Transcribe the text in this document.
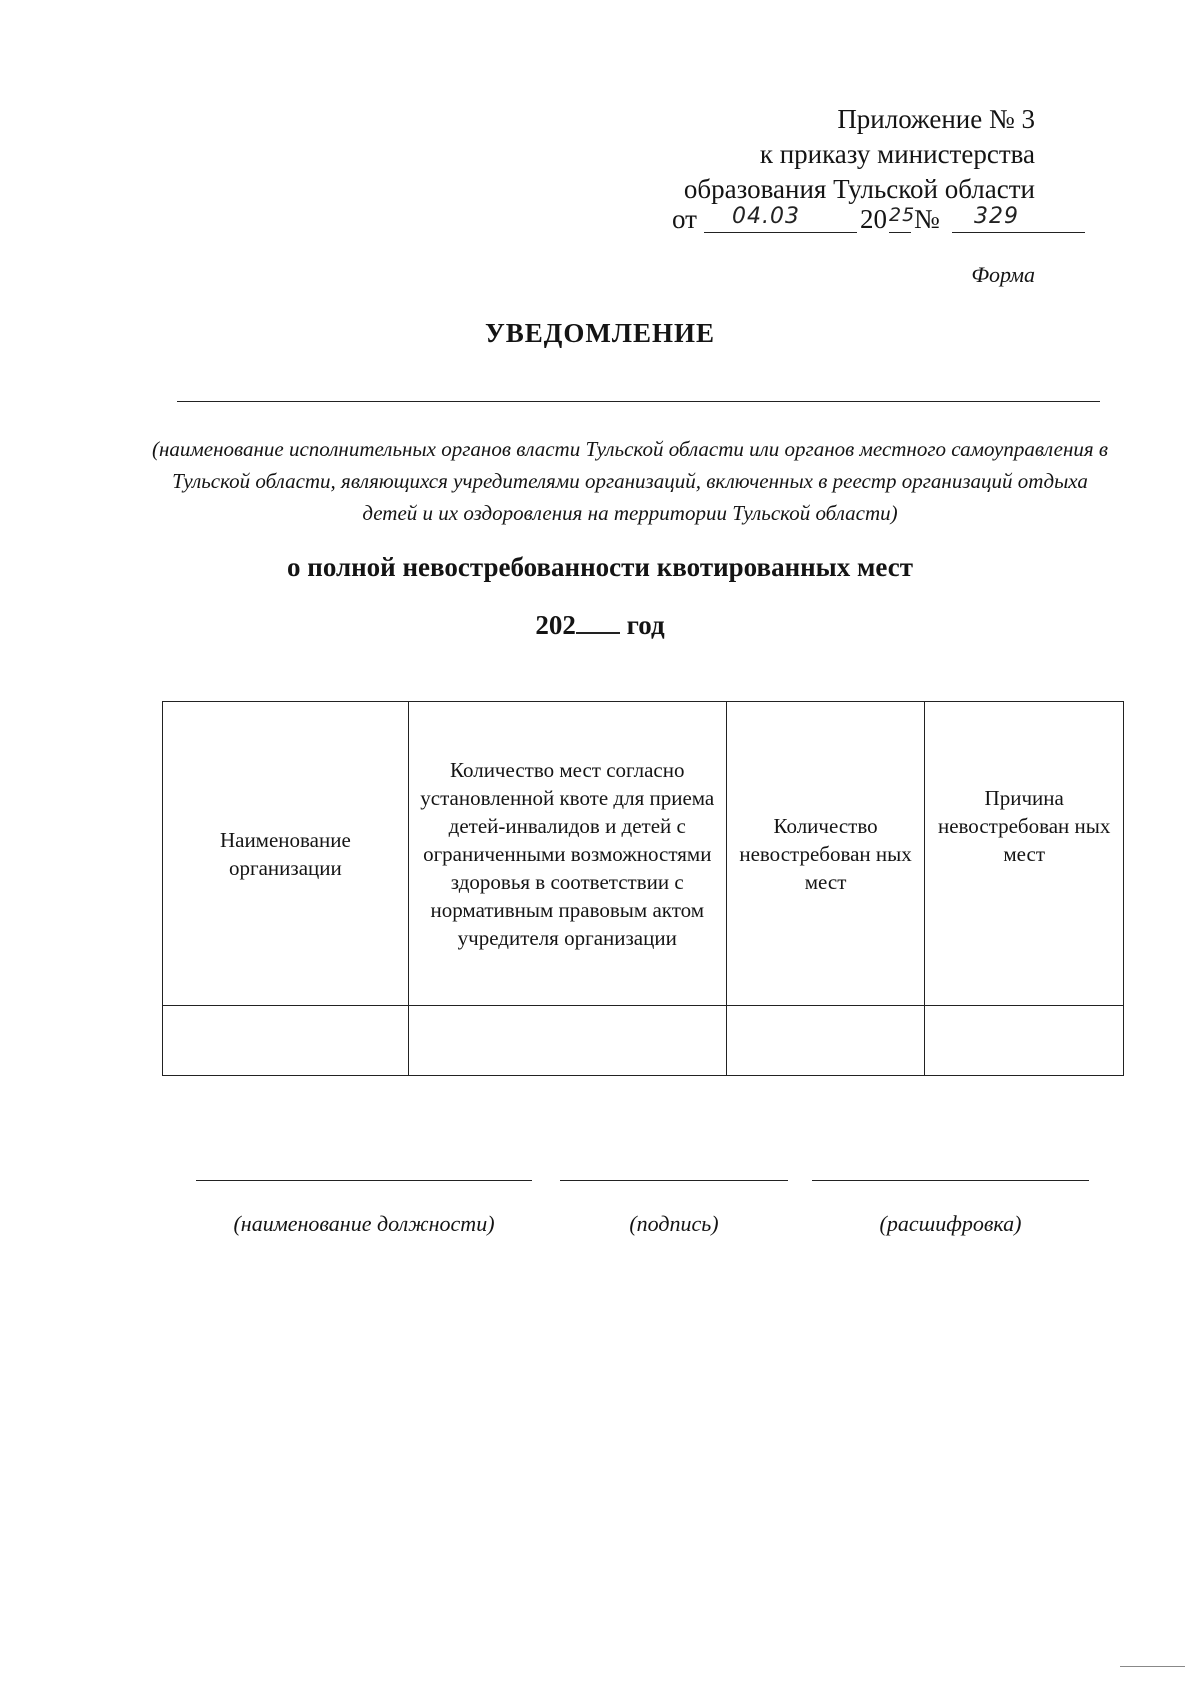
Приложение № 3
к приказу министерства
образования Тульской области
от 04.03 20 25
№ 329
Форма
УВЕДОМЛЕНИЕ
(наименование исполнительных органов власти Тульской области или органов местного самоуправления в Тульской области, являющихся учредителями организаций, включенных в реестр организаций отдыха детей и их оздоровления на территории Тульской области)
о полной невостребованности квотированных мест
202 год
Наименование организации	Количество мест согласно установленной квоте для приема детей-инвалидов и детей с ограниченными возможностями здоровья в соответствии с нормативным правовым актом учредителя организации	Количество невостребован ных мест	Причина невостребован ных мест

(наименование должности)	(подпись)	(расшифровка)
